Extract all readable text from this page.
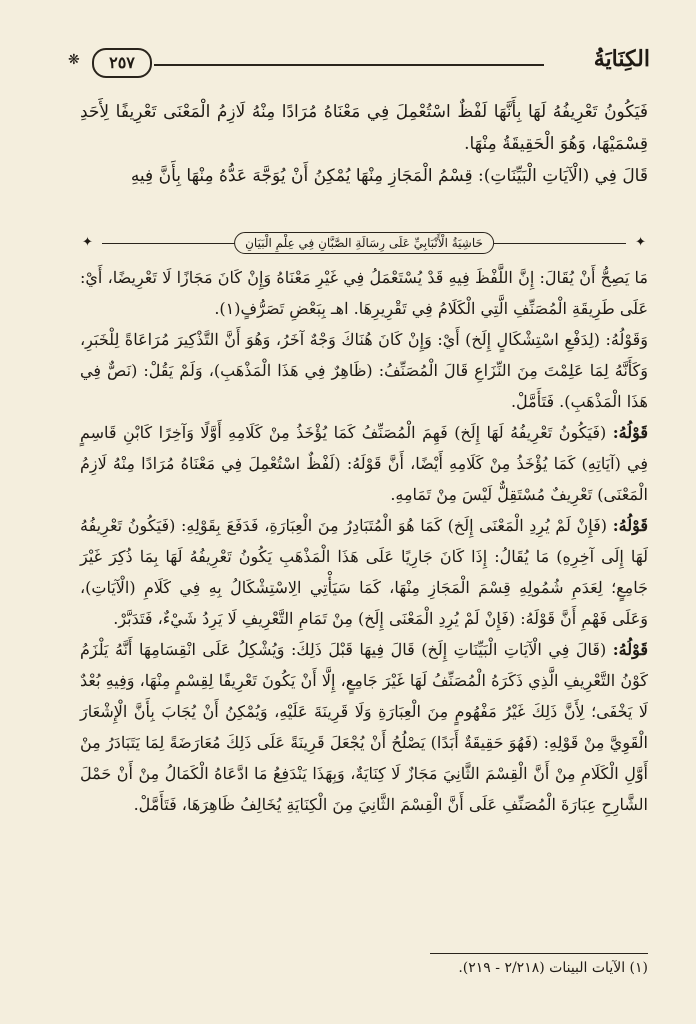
الكِنَايَةُ
٢٥٧
❋
فَيَكُونُ تَعْرِيفُهُ لَهَا بِأَنَّهَا لَفْظٌ اسْتُعْمِلَ فِي مَعْنَاهُ مُرَادًا مِنْهُ لَازِمُ الْمَعْنَى تَعْرِيفًا لِأَحَدِ قِسْمَيْهَا، وَهُوَ الْحَقِيقَةُ مِنْهَا.
قَالَ فِي (الْآيَاتِ الْبَيِّنَاتِ): قِسْمُ الْمَجَازِ مِنْهَا يُمْكِنُ أَنْ يُوَجَّهَ عَدُّهُ مِنْهَا بِأَنَّ فِيهِ
✦
حَاشِيَةُ الْأَنْبَابِيِّ عَلَى رِسَالَةِ الصَّبَّانِ فِي عِلْمِ الْبَيَانِ
✦
مَا يَصِحُّ أَنْ يُقَالَ: إِنَّ اللَّفْظَ فِيهِ قَدْ يُسْتَعْمَلُ فِي غَيْرِ مَعْنَاهُ وَإِنْ كَانَ مَجَازًا لَا تَعْرِيضًا، أَيْ: عَلَى طَرِيقَةِ الْمُصَنِّفِ الَّتِي الْكَلَامُ فِي تَقْرِيرِهَا. اهـ بِبَعْضِ تَصَرُّفٍ(١).
وَقَوْلُهُ: (لِدَفْعِ اسْتِشْكَالٍ إِلَخ) أَيْ: وَإِنْ كَانَ هُنَاكَ وَجْهٌ آخَرُ، وَهُوَ أَنَّ التَّذْكِيرَ مُرَاعَاةً لِلْخَبَرِ، وَكَأَنَّهُ لِمَا عَلِمْتَ مِنَ النِّزَاعِ قَالَ الْمُصَنِّفُ: (ظَاهِرٌ فِي هَذَا الْمَذْهَبِ)، وَلَمْ يَقُلْ: (نَصٌّ فِي هَذَا الْمَذْهَبِ). فَتَأَمَّلْ.
قَوْلُهُ: (فَيَكُونُ تَعْرِيفُهُ لَهَا إِلَخ) فَهِمَ الْمُصَنِّفُ كَمَا يُؤْخَذُ مِنْ كَلَامِهِ أَوَّلًا وَآخِرًا كَابْنِ قَاسِمٍ فِي (آيَاتِهِ) كَمَا يُؤْخَذُ مِنْ كَلَامِهِ أَيْضًا، أَنَّ قَوْلَهُ: (لَفْظٌ اسْتُعْمِلَ فِي مَعْنَاهُ مُرَادًا مِنْهُ لَازِمُ الْمَعْنَى) تَعْرِيفٌ مُسْتَقِلٌّ لَيْسَ مِنْ تَمَامِهِ.
قَوْلُهُ: (فَإِنْ لَمْ يُرِدِ الْمَعْنَى إِلَخ) كَمَا هُوَ الْمُتَبَادِرُ مِنَ الْعِبَارَةِ، فَدَفَعَ بِقَوْلِهِ: (فَيَكُونُ تَعْرِيفُهُ لَهَا إِلَى آخِرِهِ) مَا يُقَالُ: إِذَا كَانَ جَارِيًا عَلَى هَذَا الْمَذْهَبِ يَكُونُ تَعْرِيفُهُ لَهَا بِمَا ذُكِرَ غَيْرَ جَامِعٍ؛ لِعَدَمِ شُمُولِهِ قِسْمَ الْمَجَازِ مِنْهَا، كَمَا سَيَأْتِي الِاسْتِشْكَالُ بِهِ فِي كَلَامِ (الْآيَاتِ)، وَعَلَى فَهْمِ أَنَّ قَوْلَهُ: (فَإِنْ لَمْ يُرِدِ الْمَعْنَى إِلَخ) مِنْ تَمَامِ التَّعْرِيفِ لَا يَرِدُ شَيْءٌ، فَتَدَبَّرْ.
قَوْلُهُ: (قَالَ فِي الْآيَاتِ الْبَيِّنَاتِ إِلَخ) قَالَ فِيهَا قَبْلَ ذَلِكَ: وَيُشْكِلُ عَلَى انْقِسَامِهَا أَنَّهُ يَلْزَمُ كَوْنُ التَّعْرِيفِ الَّذِي ذَكَرَهُ الْمُصَنِّفُ لَهَا غَيْرَ جَامِعٍ، إِلَّا أَنْ يَكُونَ تَعْرِيفًا لِقِسْمٍ مِنْهَا، وَفِيهِ بُعْدٌ لَا يَخْفَى؛ لِأَنَّ ذَلِكَ غَيْرُ مَفْهُومٍ مِنَ الْعِبَارَةِ وَلَا قَرِينَةَ عَلَيْهِ، وَيُمْكِنُ أَنْ يُجَابَ بِأَنَّ الْإِشْعَارَ الْقَوِيَّ مِنْ قَوْلِهِ: (فَهُوَ حَقِيقَةٌ أَبَدًا) يَصْلُحُ أَنْ يُجْعَلَ قَرِينَةً عَلَى ذَلِكَ مُعَارَضَةً لِمَا يَتَبَادَرُ مِنْ أَوَّلِ الْكَلَامِ مِنْ أَنَّ الْقِسْمَ الثَّانِيَ مَجَازٌ لَا كِنَايَةٌ، وَبِهَذَا يَنْدَفِعُ مَا ادَّعَاهُ الْكَمَالُ مِنْ أَنْ حَمْلَ الشَّارِحِ عِبَارَةَ الْمُصَنِّفِ عَلَى أَنَّ الْقِسْمَ الثَّانِيَ مِنَ الْكِنَايَةِ يُخَالِفُ ظَاهِرَهَا، فَتَأَمَّلْ.
(١) الآيات البينات (٢/٢١٨ - ٢١٩).
